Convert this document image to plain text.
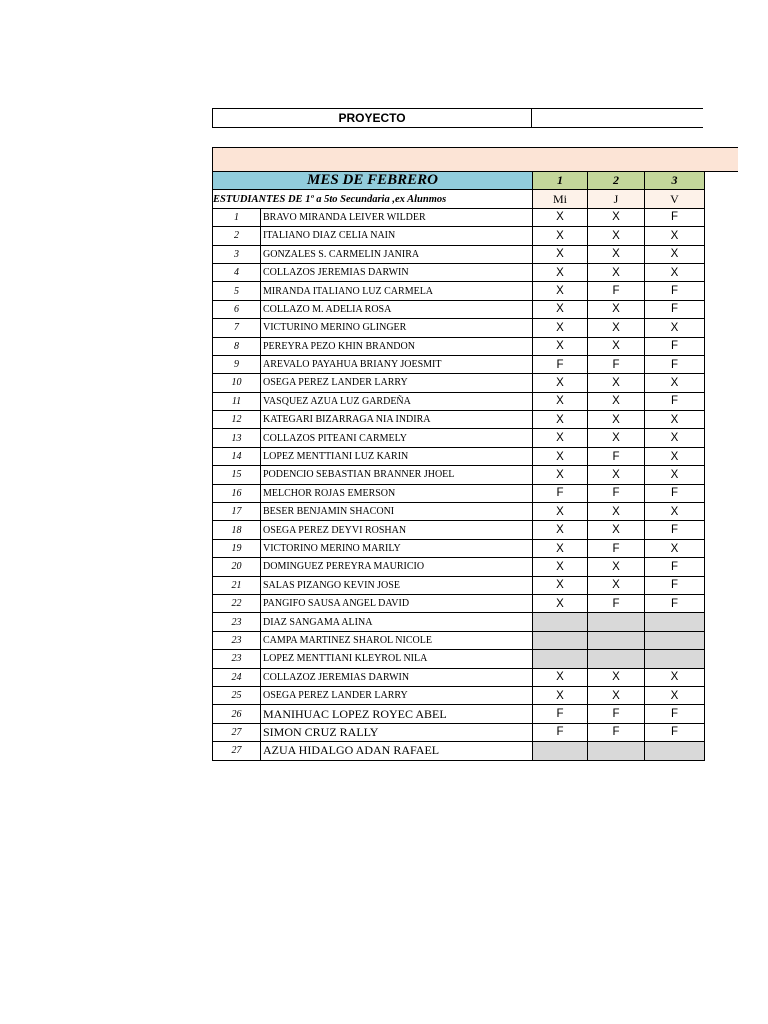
PROYECTO
MES DE FEBRERO		1	2	3
ESTUDIANTES DE 1º a 5to Secundaria ,ex Alunmos		Mi	J	V
1	BRAVO MIRANDA LEIVER WILDER	X	X	F
2	ITALIANO DIAZ CELIA NAIN	X	X	X
3	GONZALES S. CARMELIN JANIRA	X	X	X
4	COLLAZOS JEREMIAS DARWIN	X	X	X
5	MIRANDA ITALIANO LUZ CARMELA	X	F	F
6	COLLAZO M. ADELIA ROSA	X	X	F
7	VICTURINO MERINO GLINGER	X	X	X
8	PEREYRA PEZO KHIN BRANDON	X	X	F
9	AREVALO PAYAHUA BRIANY JOESMIT	F	F	F
10	OSEGA PEREZ LANDER LARRY	X	X	X
11	VASQUEZ AZUA LUZ GARDEÑA	X	X	F
12	KATEGARI BIZARRAGA NIA INDIRA	X	X	X
13	COLLAZOS PITEANI CARMELY	X	X	X
14	LOPEZ MENTTIANI LUZ KARIN	X	F	X
15	PODENCIO SEBASTIAN BRANNER JHOEL	X	X	X
16	MELCHOR ROJAS EMERSON	F	F	F
17	BESER BENJAMIN SHACONI	X	X	X
18	OSEGA PEREZ DEYVI ROSHAN	X	X	F
19	VICTORINO MERINO MARILY	X	F	X
20	DOMINGUEZ PEREYRA MAURICIO	X	X	F
21	SALAS PIZANGO KEVIN JOSE	X	X	F
22	PANGIFO SAUSA ANGEL DAVID	X	F	F
23	DIAZ SANGAMA ALINA			
23	CAMPA MARTINEZ SHAROL NICOLE			
23	LOPEZ MENTTIANI KLEYROL NILA			
24	COLLAZOZ JEREMIAS DARWIN	X	X	X
25	OSEGA PEREZ LANDER LARRY	X	X	X
26	MANIHUAC LOPEZ ROYEC ABEL	F	F	F
27	SIMON CRUZ RALLY	F	F	F
27	AZUA HIDALGO ADAN RAFAEL			
